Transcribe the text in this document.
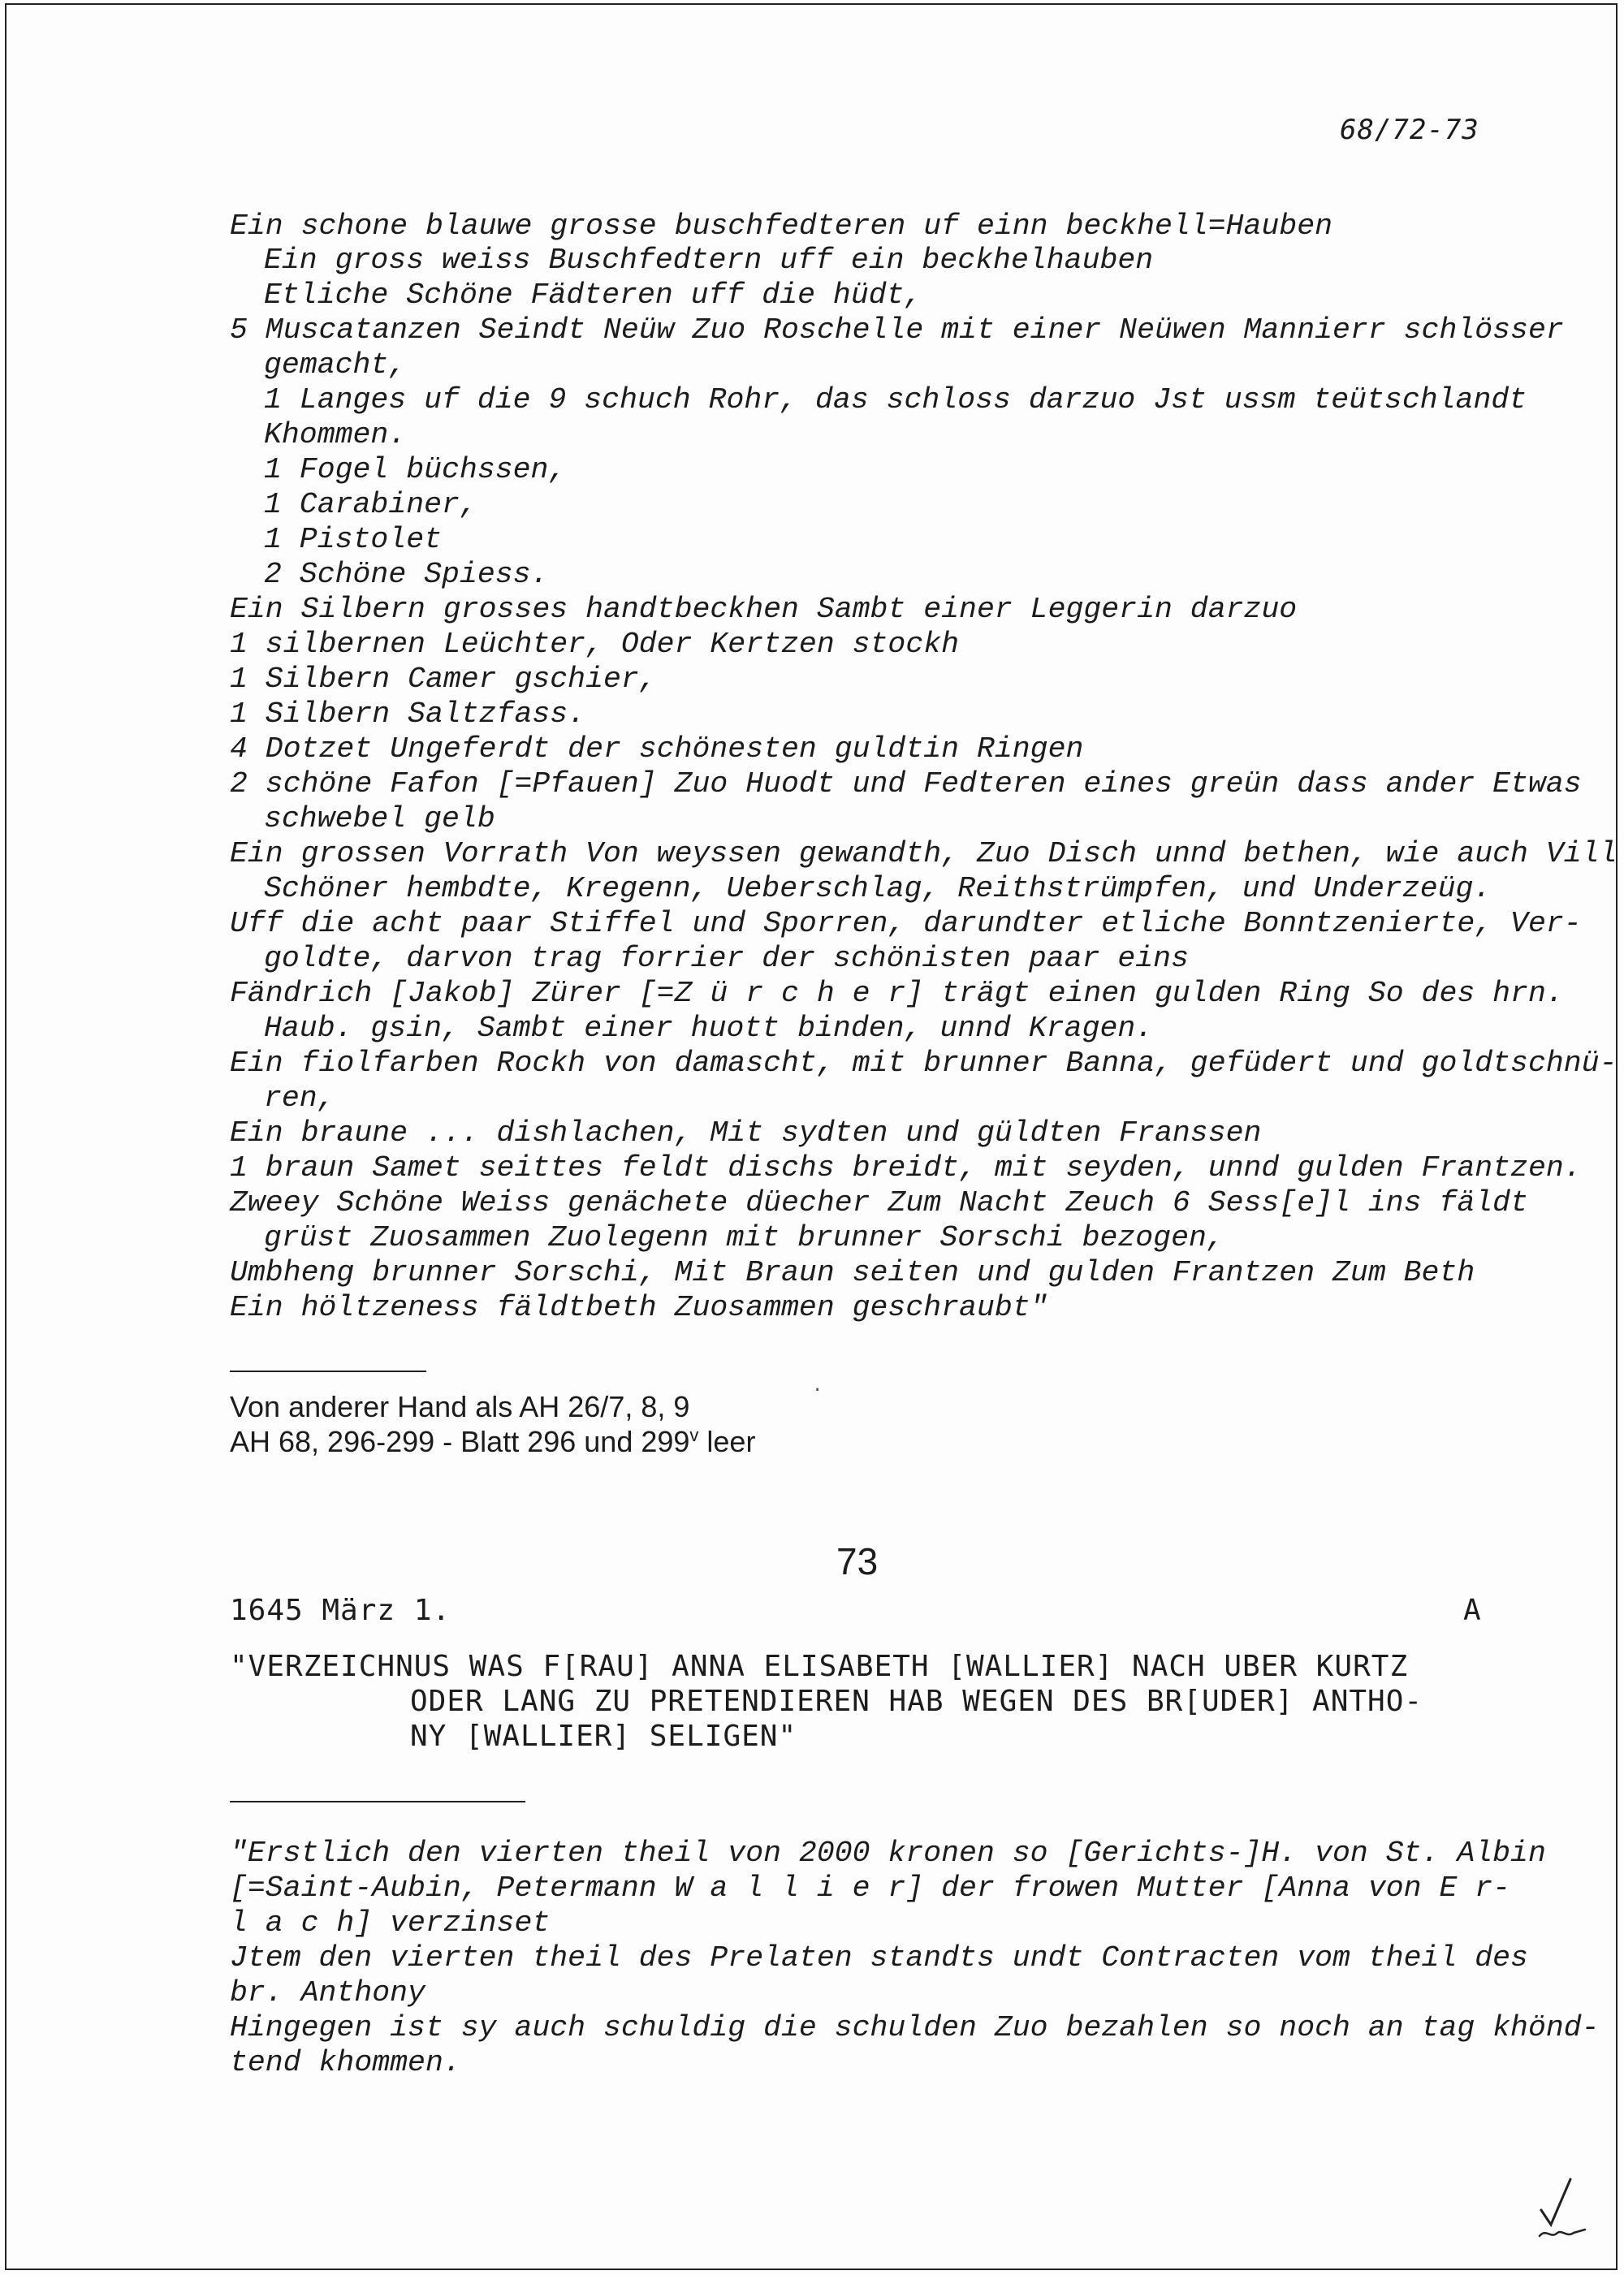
68/72-73
Ein schone blauwe grosse buschfedteren uf einn beckhell=Hauben
Ein gross weiss Buschfedtern uff ein beckhelhauben
Etliche Schöne Fädteren uff die hüdt,
5 Muscatanzen Seindt Neüw Zuo Roschelle mit einer Neüwen Mannierr schlösser
gemacht,
1 Langes uf die 9 schuch Rohr, das schloss darzuo Jst ussm teütschlandt
Khommen.
1 Fogel büchssen,
1 Carabiner,
1 Pistolet
2 Schöne Spiess.
Ein Silbern grosses handtbeckhen Sambt einer Leggerin darzuo
1 silbernen Leüchter, Oder Kertzen stockh
1 Silbern Camer gschier,
1 Silbern Saltzfass.
4 Dotzet Ungeferdt der schönesten guldtin Ringen
2 schöne Fafon [=Pfauen] Zuo Huodt und Fedteren eines greün dass ander Etwas
schwebel gelb
Ein grossen Vorrath Von weyssen gewandth, Zuo Disch unnd bethen, wie auch Vill
Schöner hembdte, Kregenn, Ueberschlag, Reithstrümpfen, und Underzeüg.
Uff die acht paar Stiffel und Sporren, darundter etliche Bonntzenierte, Ver-
goldte, darvon trag forrier der schönisten paar eins
Fändrich [Jakob] Zürer [=Z ü r c h e r] trägt einen gulden Ring So des hrn.
Haub. gsin, Sambt einer huott binden, unnd Kragen.
Ein fiolfarben Rockh von damascht, mit brunner Banna, gefüdert und goldtschnü-
ren,
Ein braune ... dishlachen, Mit sydten und güldten Franssen
1 braun Samet seittes feldt dischs breidt, mit seyden, unnd gulden Frantzen.
Zweey Schöne Weiss genächete düecher Zum Nacht Zeuch 6 Sess[e]l ins fäldt
grüst Zuosammen Zuolegenn mit brunner Sorschi bezogen,
Umbheng brunner Sorschi, Mit Braun seiten und gulden Frantzen Zum Beth
Ein höltzeness fäldtbeth Zuosammen geschraubt"
Von anderer Hand als AH 26/7, 8, 9
AH 68, 296-299 - Blatt 296 und 299$^v$ leer
·​
73
1645 März 1.	A
"VERZEICHNUS WAS F[RAU] ANNA ELISABETH [WALLIER] NACH UBER KURTZ
ODER LANG ZU PRETENDIEREN HAB WEGEN DES BR[UDER] ANTHO-
NY [WALLIER] SELIGEN"
"Erstlich den vierten theil von 2000 kronen so [Gerichts-]H. von St. Albin
[=Saint-Aubin, Petermann W a l l i e r] der frowen Mutter [Anna von E r-
l a c h] verzinset
Jtem den vierten theil des Prelaten standts undt Contracten vom theil des
br. Anthony
Hingegen ist sy auch schuldig die schulden Zuo bezahlen so noch an tag khönd-
tend khommen.
